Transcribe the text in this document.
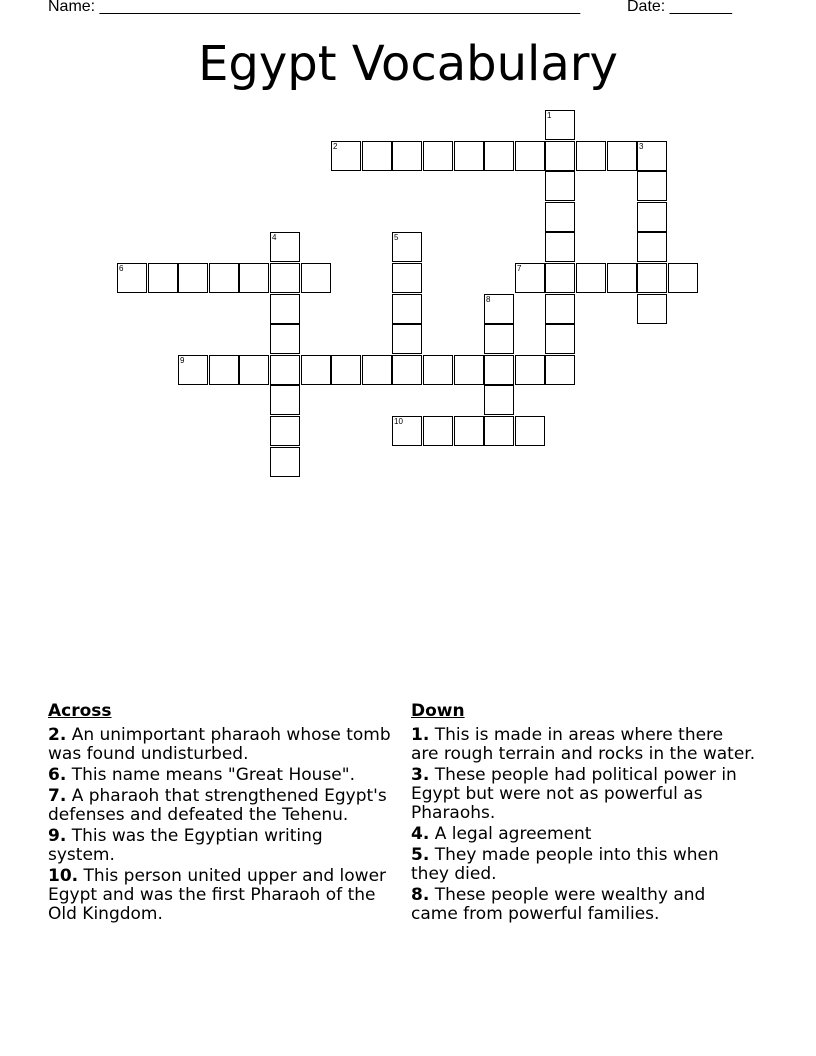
Name: ______________________________________________________	Date: _______
Egypt Vocabulary
2	3
6	7
9
10
1
4	5
8
Across
2. An unimportant pharaoh whose tomb was found undisturbed.
6. This name means "Great House".
7. A pharaoh that strengthened Egypt's defenses and defeated the Tehenu.
9. This was the Egyptian writing system.
10. This person united upper and lower Egypt and was the first Pharaoh of the Old Kingdom.
Down
1. This is made in areas where there are rough terrain and rocks in the water.
3. These people had political power in Egypt but were not as powerful as Pharaohs.
4. A legal agreement
5. They made people into this when they died.
8. These people were wealthy and came from powerful families.
